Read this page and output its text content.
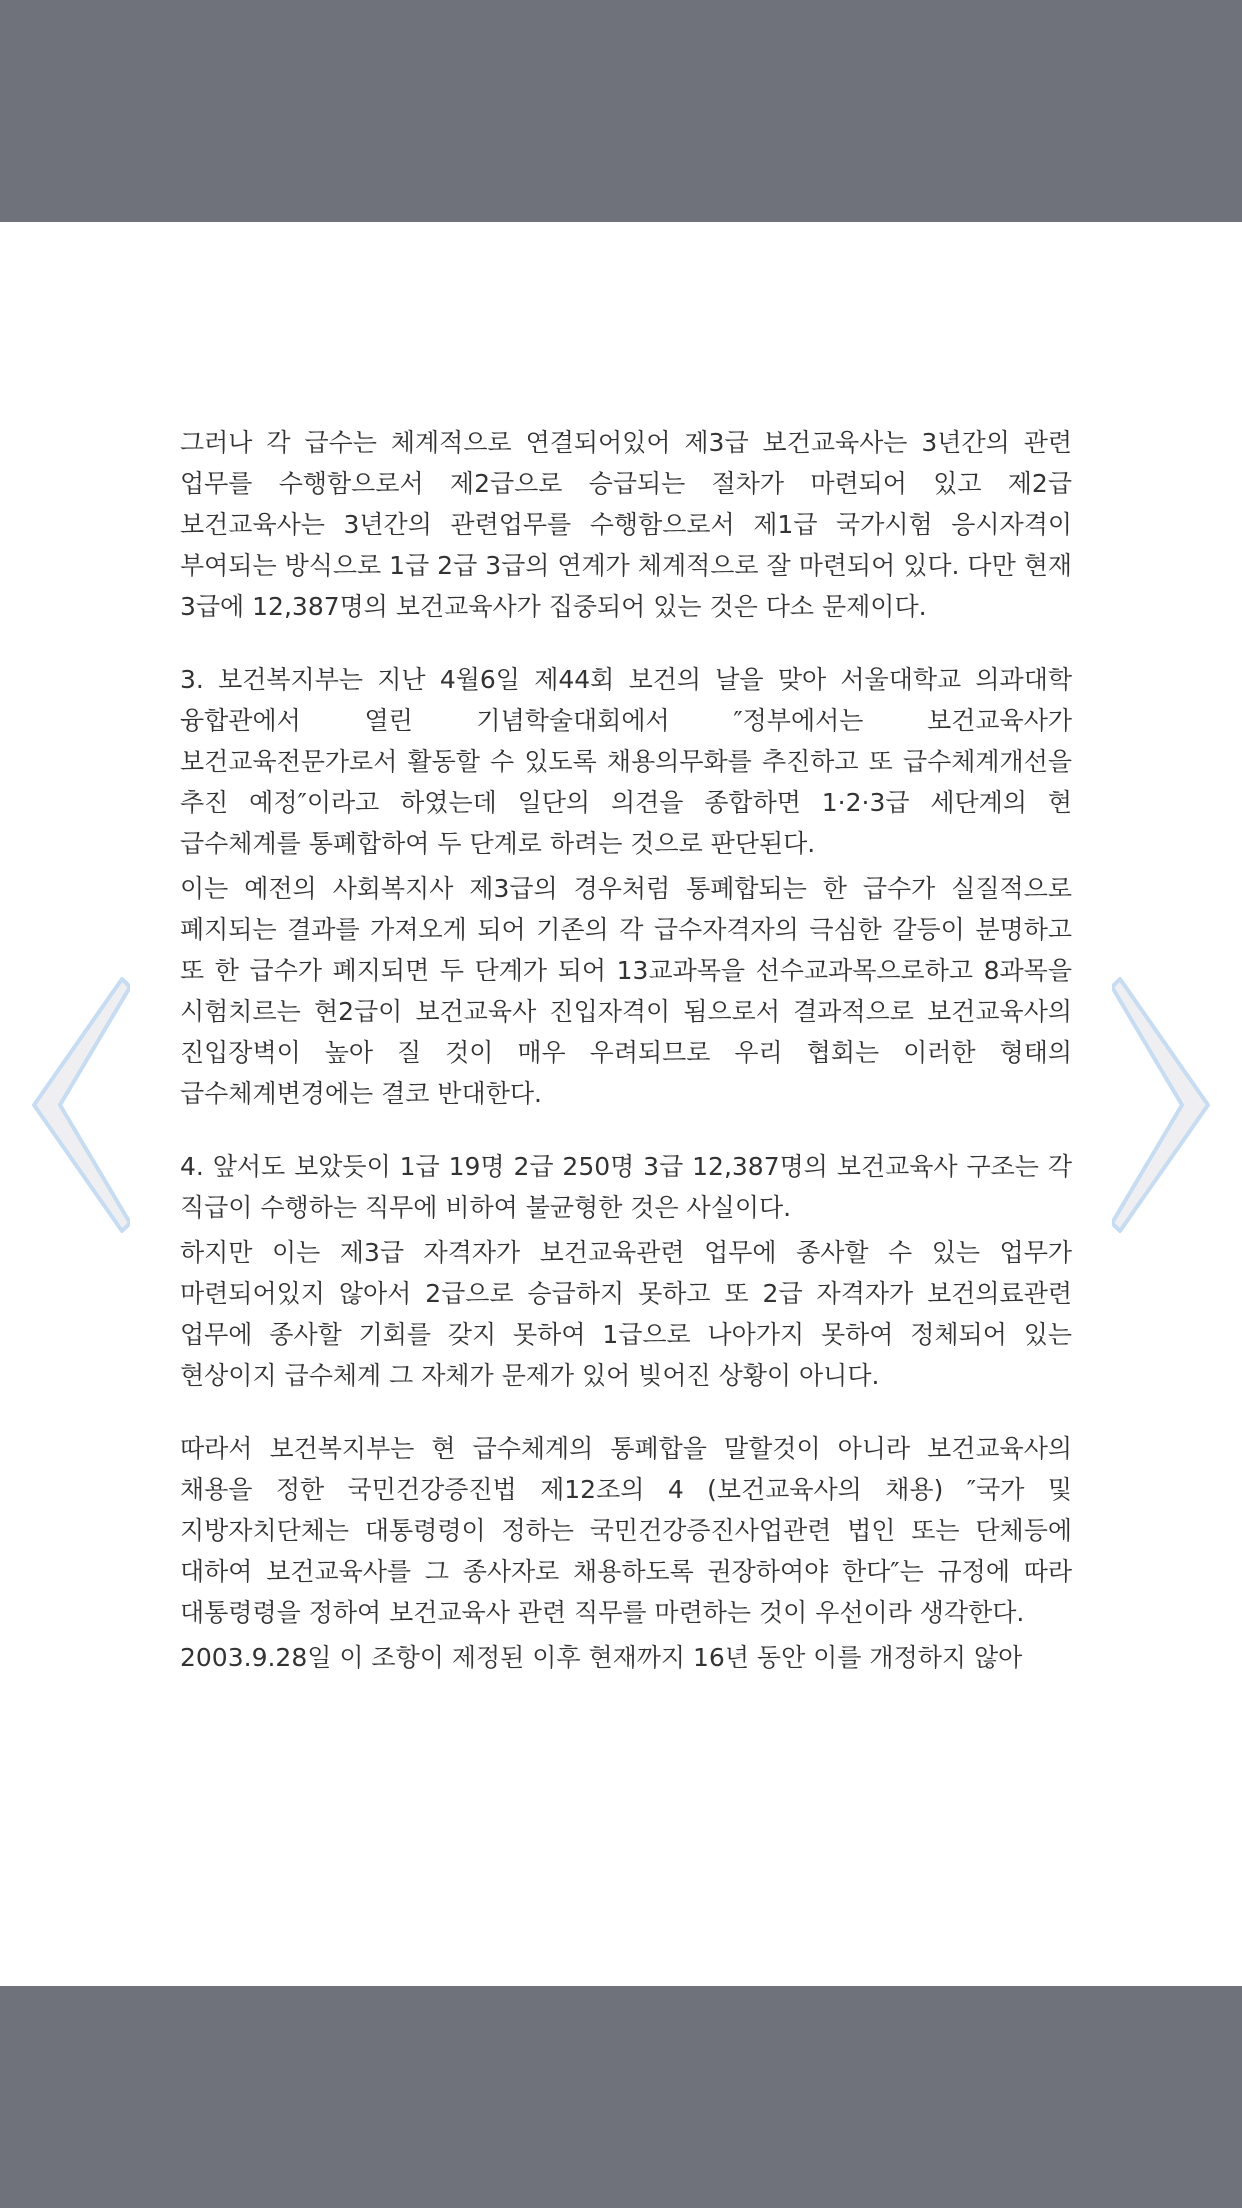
그러나 각 급수는 체계적으로 연결되어있어 제3급 보건교육사는 3년간의 관련 업무를 수행함으로서 제2급으로 승급되는 절차가 마련되어 있고 제2급 보건교육사는 3년간의 관련업무를 수행함으로서 제1급 국가시험 응시자격이 부여되는 방식으로 1급 2급 3급의 연계가 체계적으로 잘 마련되어 있다. 다만 현재 3급에 12,387명의 보건교육사가 집중되어 있는 것은 다소 문제이다.

3. 보건복지부는 지난 4월6일 제44회 보건의 날을 맞아 서울대학교 의과대학 융합관에서 열린 기념학술대회에서 ″정부에서는 보건교육사가 보건교육전문가로서 활동할 수 있도록 채용의무화를 추진하고 또 급수체계개선을 추진 예정″이라고 하였는데 일단의 의견을 종합하면 1·2·3급 세단계의 현 급수체계를 통폐합하여 두 단계로 하려는 것으로 판단된다.

이는 예전의 사회복지사 제3급의 경우처럼 통폐합되는 한 급수가 실질적으로 폐지되는 결과를 가져오게 되어 기존의 각 급수자격자의 극심한 갈등이 분명하고 또 한 급수가 폐지되면 두 단계가 되어 13교과목을 선수교과목으로하고 8과목을 시험치르는 현2급이 보건교육사 진입자격이 됨으로서 결과적으로 보건교육사의 진입장벽이 높아 질 것이 매우 우려되므로 우리 협회는 이러한 형태의 급수체계변경에는 결코 반대한다.

4. 앞서도 보았듯이 1급 19명 2급 250명 3급 12,387명의 보건교육사 구조는 각 직급이 수행하는 직무에 비하여 불균형한 것은 사실이다.

하지만 이는 제3급 자격자가 보건교육관련 업무에 종사할 수 있는 업무가 마련되어있지 않아서 2급으로 승급하지 못하고 또 2급 자격자가 보건의료관련 업무에 종사할 기회를 갖지 못하여 1급으로 나아가지 못하여 정체되어 있는 현상이지 급수체계 그 자체가 문제가 있어 빚어진 상황이 아니다.

따라서 보건복지부는 현 급수체계의 통폐합을 말할것이 아니라 보건교육사의 채용을 정한 국민건강증진법 제12조의 4 (보건교육사의 채용) ″국가 및 지방자치단체는 대통령령이 정하는 국민건강증진사업관련 법인 또는 단체등에 대하여 보건교육사를 그 종사자로 채용하도록 권장하여야 한다″는 규정에 따라 대통령령을 정하여 보건교육사 관련 직무를 마련하는 것이 우선이라 생각한다.

2003.9.28일 이 조항이 제정된 이후 현재까지 16년 동안 이를 개정하지 않아
